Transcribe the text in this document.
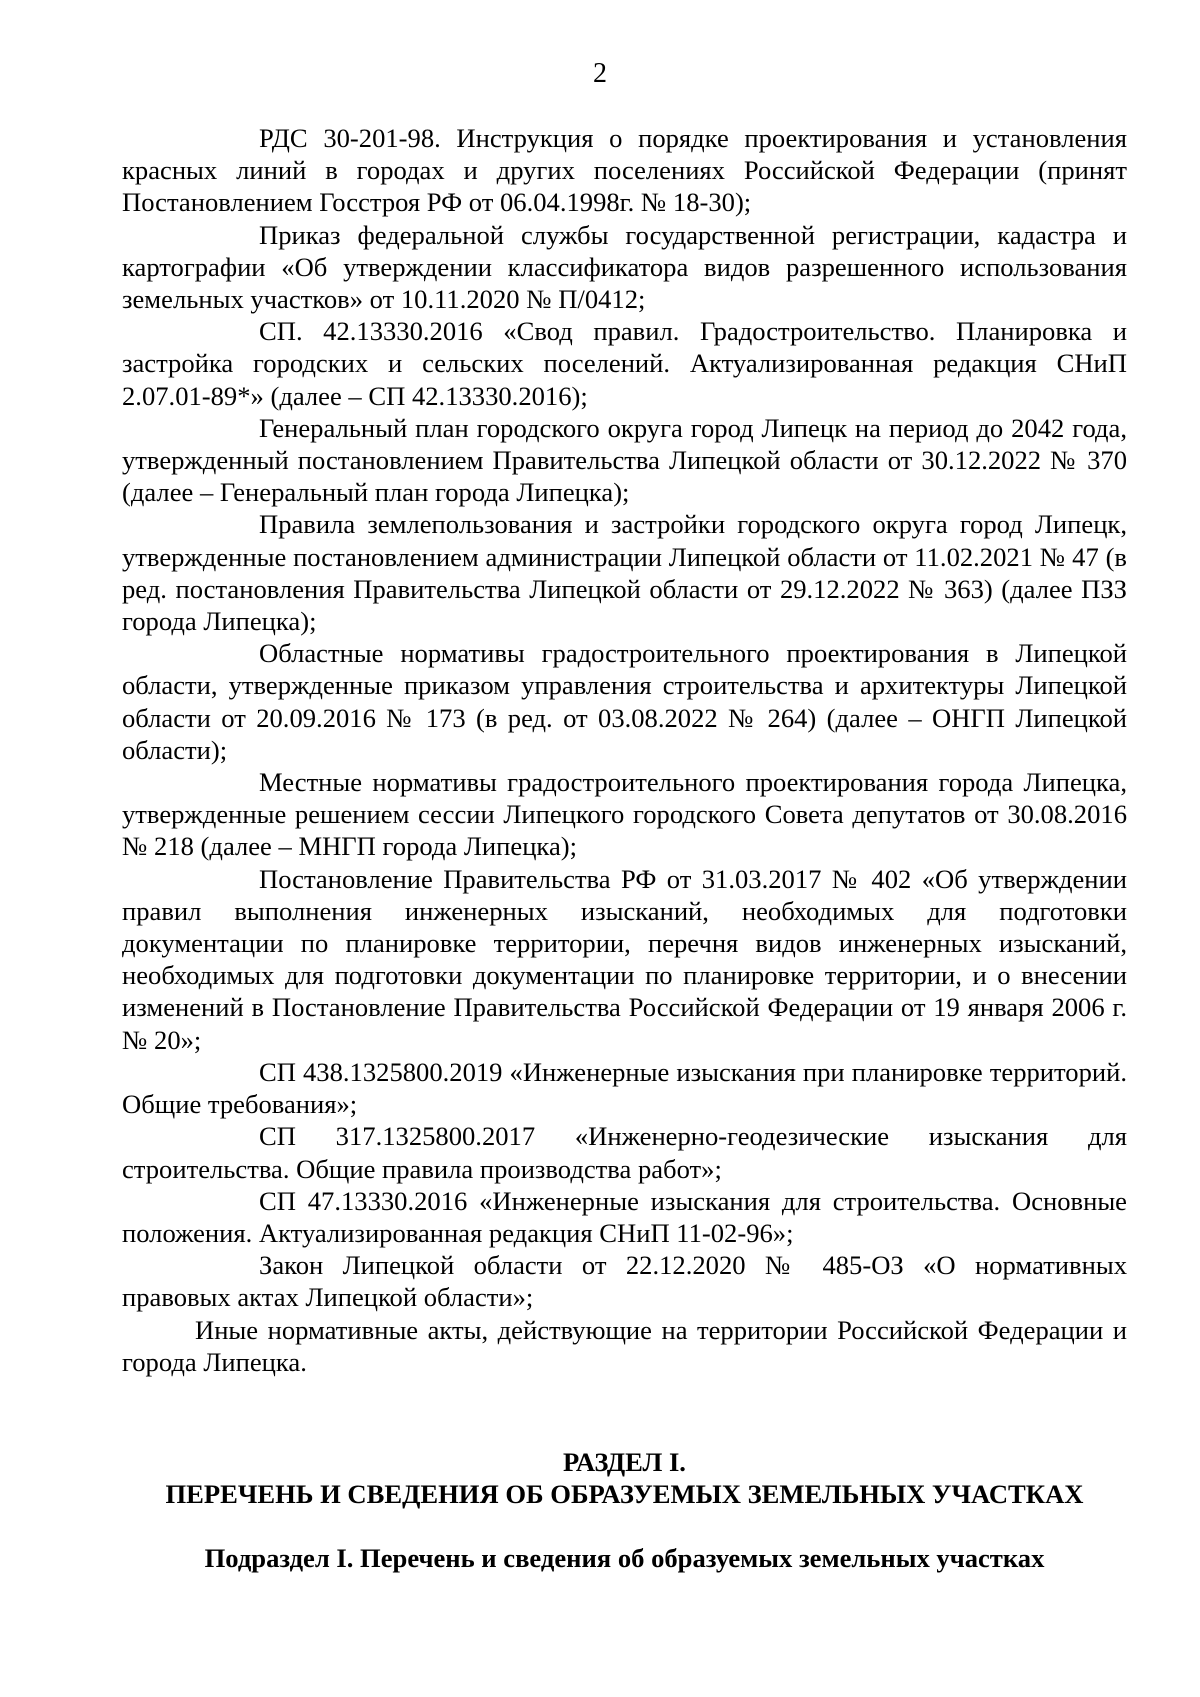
2

РДС 30-201-98. Инструкция о порядке проектирования и установления красных линий в городах и других поселениях Российской Федерации (принят Постановлением Госстроя РФ от 06.04.1998г. № 18-30);

Приказ федеральной службы государственной регистрации, кадастра и картографии «Об утверждении классификатора видов разрешенного использования земельных участков» от 10.11.2020 № П/0412;

СП. 42.13330.2016 «Свод правил. Градостроительство. Планировка и застройка городских и сельских поселений. Актуализированная редакция СНиП 2.07.01-89*» (далее – СП 42.13330.2016);

Генеральный план городского округа город Липецк на период до 2042 года, утвержденный постановлением Правительства Липецкой области от 30.12.2022 № 370 (далее – Генеральный план города Липецка);

Правила землепользования и застройки городского округа город Липецк, утвержденные постановлением администрации Липецкой области от 11.02.2021 № 47 (в ред. постановления Правительства Липецкой области от 29.12.2022 № 363) (далее ПЗЗ города Липецка);

Областные нормативы градостроительного проектирования в Липецкой области, утвержденные приказом управления строительства и архитектуры Липецкой области от 20.09.2016 № 173 (в ред. от 03.08.2022 № 264) (далее – ОНГП Липецкой области);

Местные нормативы градостроительного проектирования города Липецка, утвержденные решением сессии Липецкого городского Совета депутатов от 30.08.2016 № 218 (далее – МНГП города Липецка);

Постановление Правительства РФ от 31.03.2017 № 402 «Об утверждении правил выполнения инженерных изысканий, необходимых для подготовки документации по планировке территории, перечня видов инженерных изысканий, необходимых для подготовки документации по планировке территории, и о внесении изменений в Постановление Правительства Российской Федерации от 19 января 2006 г. № 20»;

СП 438.1325800.2019 «Инженерные изыскания при планировке территорий. Общие требования»;

СП 317.1325800.2017 «Инженерно-геодезические изыскания для строительства. Общие правила производства работ»;

СП 47.13330.2016 «Инженерные изыскания для строительства. Основные положения. Актуализированная редакция СНиП 11-02-96»;

Закон Липецкой области от 22.12.2020 № 485-ОЗ «О нормативных правовых актах Липецкой области»;

Иные нормативные акты, действующие на территории Российской Федерации и города Липецка.

РАЗДЕЛ I.
ПЕРЕЧЕНЬ И СВЕДЕНИЯ ОБ ОБРАЗУЕМЫХ ЗЕМЕЛЬНЫХ УЧАСТКАХ
Подраздел I. Перечень и сведения об образуемых земельных участках
